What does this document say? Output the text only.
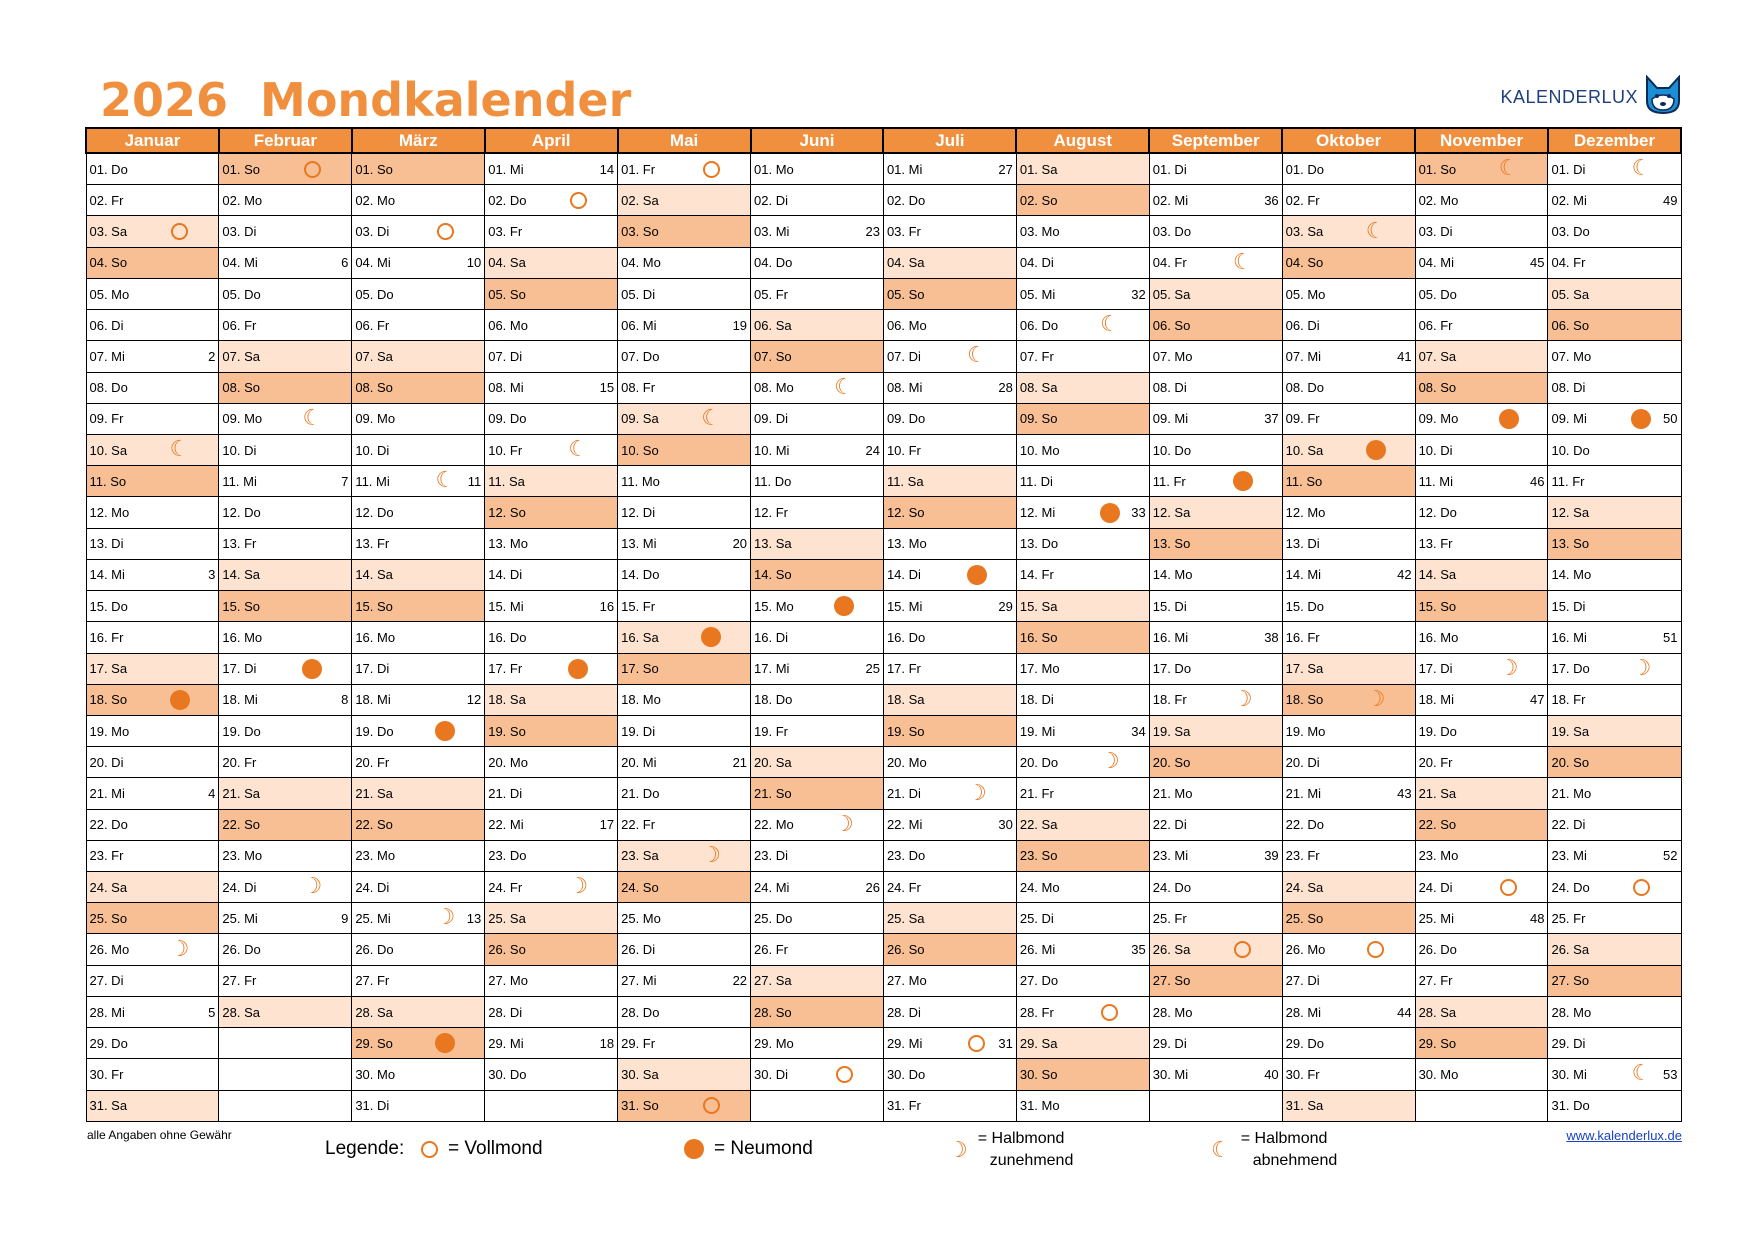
2026  Mondkalender	KALENDERLUX
Januar	Februar	März	April	Mai	Juni	Juli	August	September	Oktober	November	Dezember

01. Do	01. So	01. So	01. Mi 14	01. Fr	01. Mo	01. Mi 27	01. Sa	01. Di	01. Do	01. So ☾	01. Di ☾

02. Fr	02. Mo	02. Mo	02. Do	02. Sa	02. Di	02. Do	02. So	02. Mi 36	02. Fr	02. Mo	02. Mi 49

03. Sa	03. Di	03. Di	03. Fr	03. So	03. Mi 23	03. Fr	03. Mo	03. Do	03. Sa ☾	03. Di	03. Do

04. So	04. Mi 6	04. Mi 10	04. Sa	04. Mo	04. Do	04. Sa	04. Di	04. Fr ☾	04. So	04. Mi 45	04. Fr

05. Mo	05. Do	05. Do	05. So	05. Di	05. Fr	05. So	05. Mi 32	05. Sa	05. Mo	05. Do	05. Sa

06. Di	06. Fr	06. Fr	06. Mo	06. Mi 19	06. Sa	06. Mo	06. Do ☾	06. So	06. Di	06. Fr	06. So

07. Mi 2	07. Sa	07. Sa	07. Di	07. Do	07. So	07. Di ☾	07. Fr	07. Mo	07. Mi 41	07. Sa	07. Mo

08. Do	08. So	08. So	08. Mi 15	08. Fr	08. Mo ☾	08. Mi 28	08. Sa	08. Di	08. Do	08. So	08. Di

09. Fr	09. Mo ☾	09. Mo	09. Do	09. Sa ☾	09. Di	09. Do	09. So	09. Mi 37	09. Fr	09. Mo	09. Mi 50

10. Sa ☾	10. Di	10. Di	10. Fr ☾	10. So	10. Mi 24	10. Fr	10. Mo	10. Do	10. Sa	10. Di	10. Do

11. So	11. Mi 7	11. Mi ☾ 11	11. Sa	11. Mo	11. Do	11. Sa	11. Di	11. Fr	11. So	11. Mi 46	11. Fr

12. Mo	12. Do	12. Do	12. So	12. Di	12. Fr	12. So	12. Mi 33	12. Sa	12. Mo	12. Do	12. Sa

13. Di	13. Fr	13. Fr	13. Mo	13. Mi 20	13. Sa	13. Mo	13. Do	13. So	13. Di	13. Fr	13. So

14. Mi 3	14. Sa	14. Sa	14. Di	14. Do	14. So	14. Di	14. Fr	14. Mo	14. Mi 42	14. Sa	14. Mo

15. Do	15. So	15. So	15. Mi 16	15. Fr	15. Mo	15. Mi 29	15. Sa	15. Di	15. Do	15. So	15. Di

16. Fr	16. Mo	16. Mo	16. Do	16. Sa	16. Di	16. Do	16. So	16. Mi 38	16. Fr	16. Mo	16. Mi 51

17. Sa	17. Di	17. Di	17. Fr	17. So	17. Mi 25	17. Fr	17. Mo	17. Do	17. Sa	17. Di ☽	17. Do ☽

18. So	18. Mi 8	18. Mi 12	18. Sa	18. Mo	18. Do	18. Sa	18. Di	18. Fr ☽	18. So ☽	18. Mi 47	18. Fr

19. Mo	19. Do	19. Do	19. So	19. Di	19. Fr	19. So	19. Mi 34	19. Sa	19. Mo	19. Do	19. Sa

20. Di	20. Fr	20. Fr	20. Mo	20. Mi 21	20. Sa	20. Mo	20. Do ☽	20. So	20. Di	20. Fr	20. So

21. Mi 4	21. Sa	21. Sa	21. Di	21. Do	21. So	21. Di ☽	21. Fr	21. Mo	21. Mi 43	21. Sa	21. Mo

22. Do	22. So	22. So	22. Mi 17	22. Fr	22. Mo ☽	22. Mi 30	22. Sa	22. Di	22. Do	22. So	22. Di

23. Fr	23. Mo	23. Mo	23. Do	23. Sa ☽	23. Di	23. Do	23. So	23. Mi 39	23. Fr	23. Mo	23. Mi 52

24. Sa	24. Di ☽	24. Di	24. Fr ☽	24. So	24. Mi 26	24. Fr	24. Mo	24. Do	24. Sa	24. Di	24. Do

25. So	25. Mi 9	25. Mi ☽ 13	25. Sa	25. Mo	25. Do	25. Sa	25. Di	25. Fr	25. So	25. Mi 48	25. Fr

26. Mo ☽	26. Do	26. Do	26. So	26. Di	26. Fr	26. So	26. Mi 35	26. Sa	26. Mo	26. Do	26. Sa

27. Di	27. Fr	27. Fr	27. Mo	27. Mi 22	27. Sa	27. Mo	27. Do	27. So	27. Di	27. Fr	27. So

28. Mi 5	28. Sa	28. Sa	28. Di	28. Do	28. So	28. Di	28. Fr	28. Mo	28. Mi 44	28. Sa	28. Mo

29. Do		29. So	29. Mi 18	29. Fr	29. Mo	29. Mi 31	29. Sa	29. Di	29. Do	29. So	29. Di

30. Fr		30. Mo	30. Do	30. Sa	30. Di	30. Do	30. So	30. Mi 40	30. Fr	30. Mo	30. Mi ☾ 53

31. Sa		31. Di		31. So		31. Fr	31. Mo		31. Sa		31. Do
alle Angaben ohne Gewähr
Legende: = Vollmond	= Neumond	☽ = Halbmond
zunehmend	☾ = Halbmond
abnehmend
www.kalenderlux.de
